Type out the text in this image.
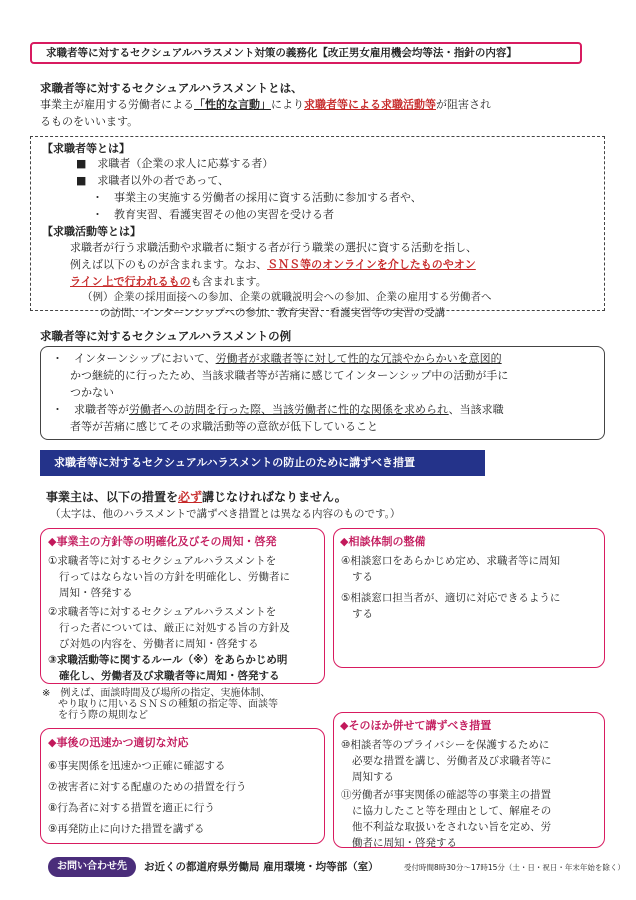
求職者等に対するセクシュアルハラスメント対策の義務化【改正男女雇用機会均等法・指針の内容】
求職者等に対するセクシュアルハラスメントとは、
事業主が雇用する労働者による「性的な言動」により求職者等による求職活動等が阻害され
るものをいいます。
【求職者等とは】
■　求職者（企業の求人に応募する者）
■　求職者以外の者であって、
・　事業主の実施する労働者の採用に資する活動に参加する者や、
・　教育実習、看護実習その他の実習を受ける者
【求職活動等とは】
求職者が行う求職活動や求職者に類する者が行う職業の選択に資する活動を指し、
例えば以下のものが含まれます。なお、ＳＮＳ等のオンラインを介したものやオン
ライン上で行われるものも含まれます。
（例）企業の採用面接への参加、企業の就職説明会への参加、企業の雇用する労働者へ
の訪問、インターンシップへの参加、教育実習、看護実習等の実習の受講
求職者等に対するセクシュアルハラスメントの例
・　インターンシップにおいて、労働者が求職者等に対して性的な冗談やからかいを意図的
かつ継続的に行ったため、当該求職者等が苦痛に感じてインターンシップ中の活動が手に
つかない
・　求職者等が労働者への訪問を行った際、当該労働者に性的な関係を求められ、当該求職
者等が苦痛に感じてその求職活動等の意欲が低下していること
求職者等に対するセクシュアルハラスメントの防止のために講ずべき措置
事業主は、以下の措置を必ず講じなければなりません。
（太字は、他のハラスメントで講ずべき措置とは異なる内容のものです。）
◆事業主の方針等の明確化及びその周知・啓発
①求職者等に対するセクシュアルハラスメントを
行ってはならない旨の方針を明確化し、労働者に
周知・啓発する
②求職者等に対するセクシュアルハラスメントを
行った者については、厳正に対処する旨の方針及
び対処の内容を、労働者に周知・啓発する
③求職活動等に関するルール（※）をあらかじめ明
確化し、労働者及び求職者等に周知・啓発する
※　例えば、面談時間及び場所の指定、実施体制、
やり取りに用いるＳＮＳの種類の指定等、面談等
を行う際の規則など
◆相談体制の整備
④相談窓口をあらかじめ定め、求職者等に周知
する
⑤相談窓口担当者が、適切に対応できるように
する
◆事後の迅速かつ適切な対応
⑥事実関係を迅速かつ正確に確認する
⑦被害者に対する配慮のための措置を行う
⑧行為者に対する措置を適正に行う
⑨再発防止に向けた措置を講ずる
◆そのほか併せて講ずべき措置
⑩相談者等のプライバシーを保護するために
必要な措置を講じ、労働者及び求職者等に
周知する
⑪労働者が事実関係の確認等の事業主の措置
に協力したこと等を理由として、解雇その
他不利益な取扱いをされない旨を定め、労
働者に周知・啓発する
お問い合わせ先	お近くの都道府県労働局 雇用環境・均等部（室）	受付時間8時30分～17時15分（土・日・祝日・年末年始を除く）
